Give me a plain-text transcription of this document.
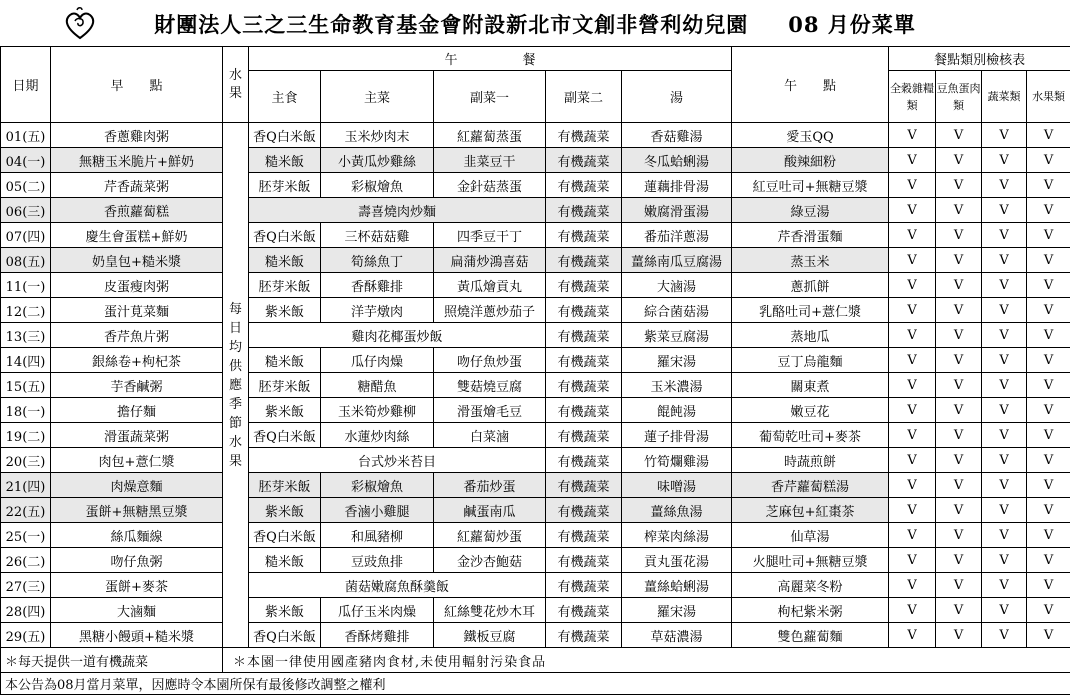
財團法人三之三生命教育基金會附設新北市文創非營利幼兒園 08 月份菜單
日期	早　　點	水果	午　　　　　餐					午　　點	餐點類別檢核表			
			主食	主菜	副菜一	副菜二	湯		全穀雜糧類	豆魚蛋肉類	蔬菜類	水果類

01(五)	香蔥雞肉粥	每日均供應季節水果	香Q白米飯	玉米炒肉末	紅蘿蔔蒸蛋	有機蔬菜	香菇雞湯	愛玉QQ	V	V	V	V
04(一)	無糖玉米脆片+鮮奶		糙米飯	小黃瓜炒雞絲	韭菜豆干	有機蔬菜	冬瓜蛤蜊湯	酸辣細粉	V	V	V	V
05(二)	芹香蔬菜粥		胚芽米飯	彩椒燴魚	金針菇蒸蛋	有機蔬菜	蓮藕排骨湯	紅豆吐司+無糖豆漿	V	V	V	V
06(三)	香煎蘿蔔糕		壽喜燒肉炒麵			有機蔬菜	嫩腐滑蛋湯	綠豆湯	V	V	V	V
07(四)	慶生會蛋糕+鮮奶		香Q白米飯	三杯菇菇雞	四季豆干丁	有機蔬菜	番茄洋蔥湯	芹香滑蛋麵	V	V	V	V
08(五)	奶皇包+糙米漿		糙米飯	筍絲魚丁	扁蒲炒鴻喜菇	有機蔬菜	薑絲南瓜豆腐湯	蒸玉米	V	V	V	V
11(一)	皮蛋瘦肉粥		胚芽米飯	香酥雞排	黃瓜燴貢丸	有機蔬菜	大滷湯	蔥抓餅	V	V	V	V
12(二)	蛋汁莧菜麵		紫米飯	洋芋燉肉	照燒洋蔥炒茄子	有機蔬菜	綜合菌菇湯	乳酪吐司+薏仁漿	V	V	V	V
13(三)	香芹魚片粥		雞肉花椰蛋炒飯			有機蔬菜	紫菜豆腐湯	蒸地瓜	V	V	V	V
14(四)	銀絲卷+枸杞茶		糙米飯	瓜仔肉燥	吻仔魚炒蛋	有機蔬菜	羅宋湯	豆丁烏龍麵	V	V	V	V
15(五)	芋香鹹粥		胚芽米飯	糖醋魚	雙菇燒豆腐	有機蔬菜	玉米濃湯	關東煮	V	V	V	V
18(一)	擔仔麵		紫米飯	玉米筍炒雞柳	滑蛋燴毛豆	有機蔬菜	餛飩湯	嫩豆花	V	V	V	V
19(二)	滑蛋蔬菜粥		香Q白米飯	水蓮炒肉絲	白菜滷	有機蔬菜	蓮子排骨湯	葡萄乾吐司+麥茶	V	V	V	V
20(三)	肉包+薏仁漿		台式炒米苔目			有機蔬菜	竹筍爛雞湯	時蔬煎餅	V	V	V	V
21(四)	肉燥意麵		胚芽米飯	彩椒燴魚	番茄炒蛋	有機蔬菜	味噌湯	香芹蘿蔔糕湯	V	V	V	V
22(五)	蛋餅+無糖黑豆漿		紫米飯	香滷小雞腿	鹹蛋南瓜	有機蔬菜	薑絲魚湯	芝麻包+紅棗茶	V	V	V	V
25(一)	絲瓜麵線		香Q白米飯	和風豬柳	紅蘿蔔炒蛋	有機蔬菜	榨菜肉絲湯	仙草湯	V	V	V	V
26(二)	吻仔魚粥		糙米飯	豆豉魚排	金沙杏鮑菇	有機蔬菜	貢丸蛋花湯	火腿吐司+無糖豆漿	V	V	V	V
27(三)	蛋餅+麥茶		菌菇嫩腐魚酥羹飯			有機蔬菜	薑絲蛤蜊湯	高麗菜冬粉	V	V	V	V
28(四)	大滷麵		紫米飯	瓜仔玉米肉燥	紅絲雙花炒木耳	有機蔬菜	羅宋湯	枸杞紫米粥	V	V	V	V
29(五)	黑糖小饅頭+糙米漿		香Q白米飯	香酥烤雞排	鐵板豆腐	有機蔬菜	草菇濃湯	雙色蘿蔔麵	V	V	V	V
＊每天提供一道有機蔬菜		＊本園一律使用國產豬肉食材,未使用輻射污染食品										
本公告為08月當月菜單，因應時令本園所保有最後修改調整之權利												
